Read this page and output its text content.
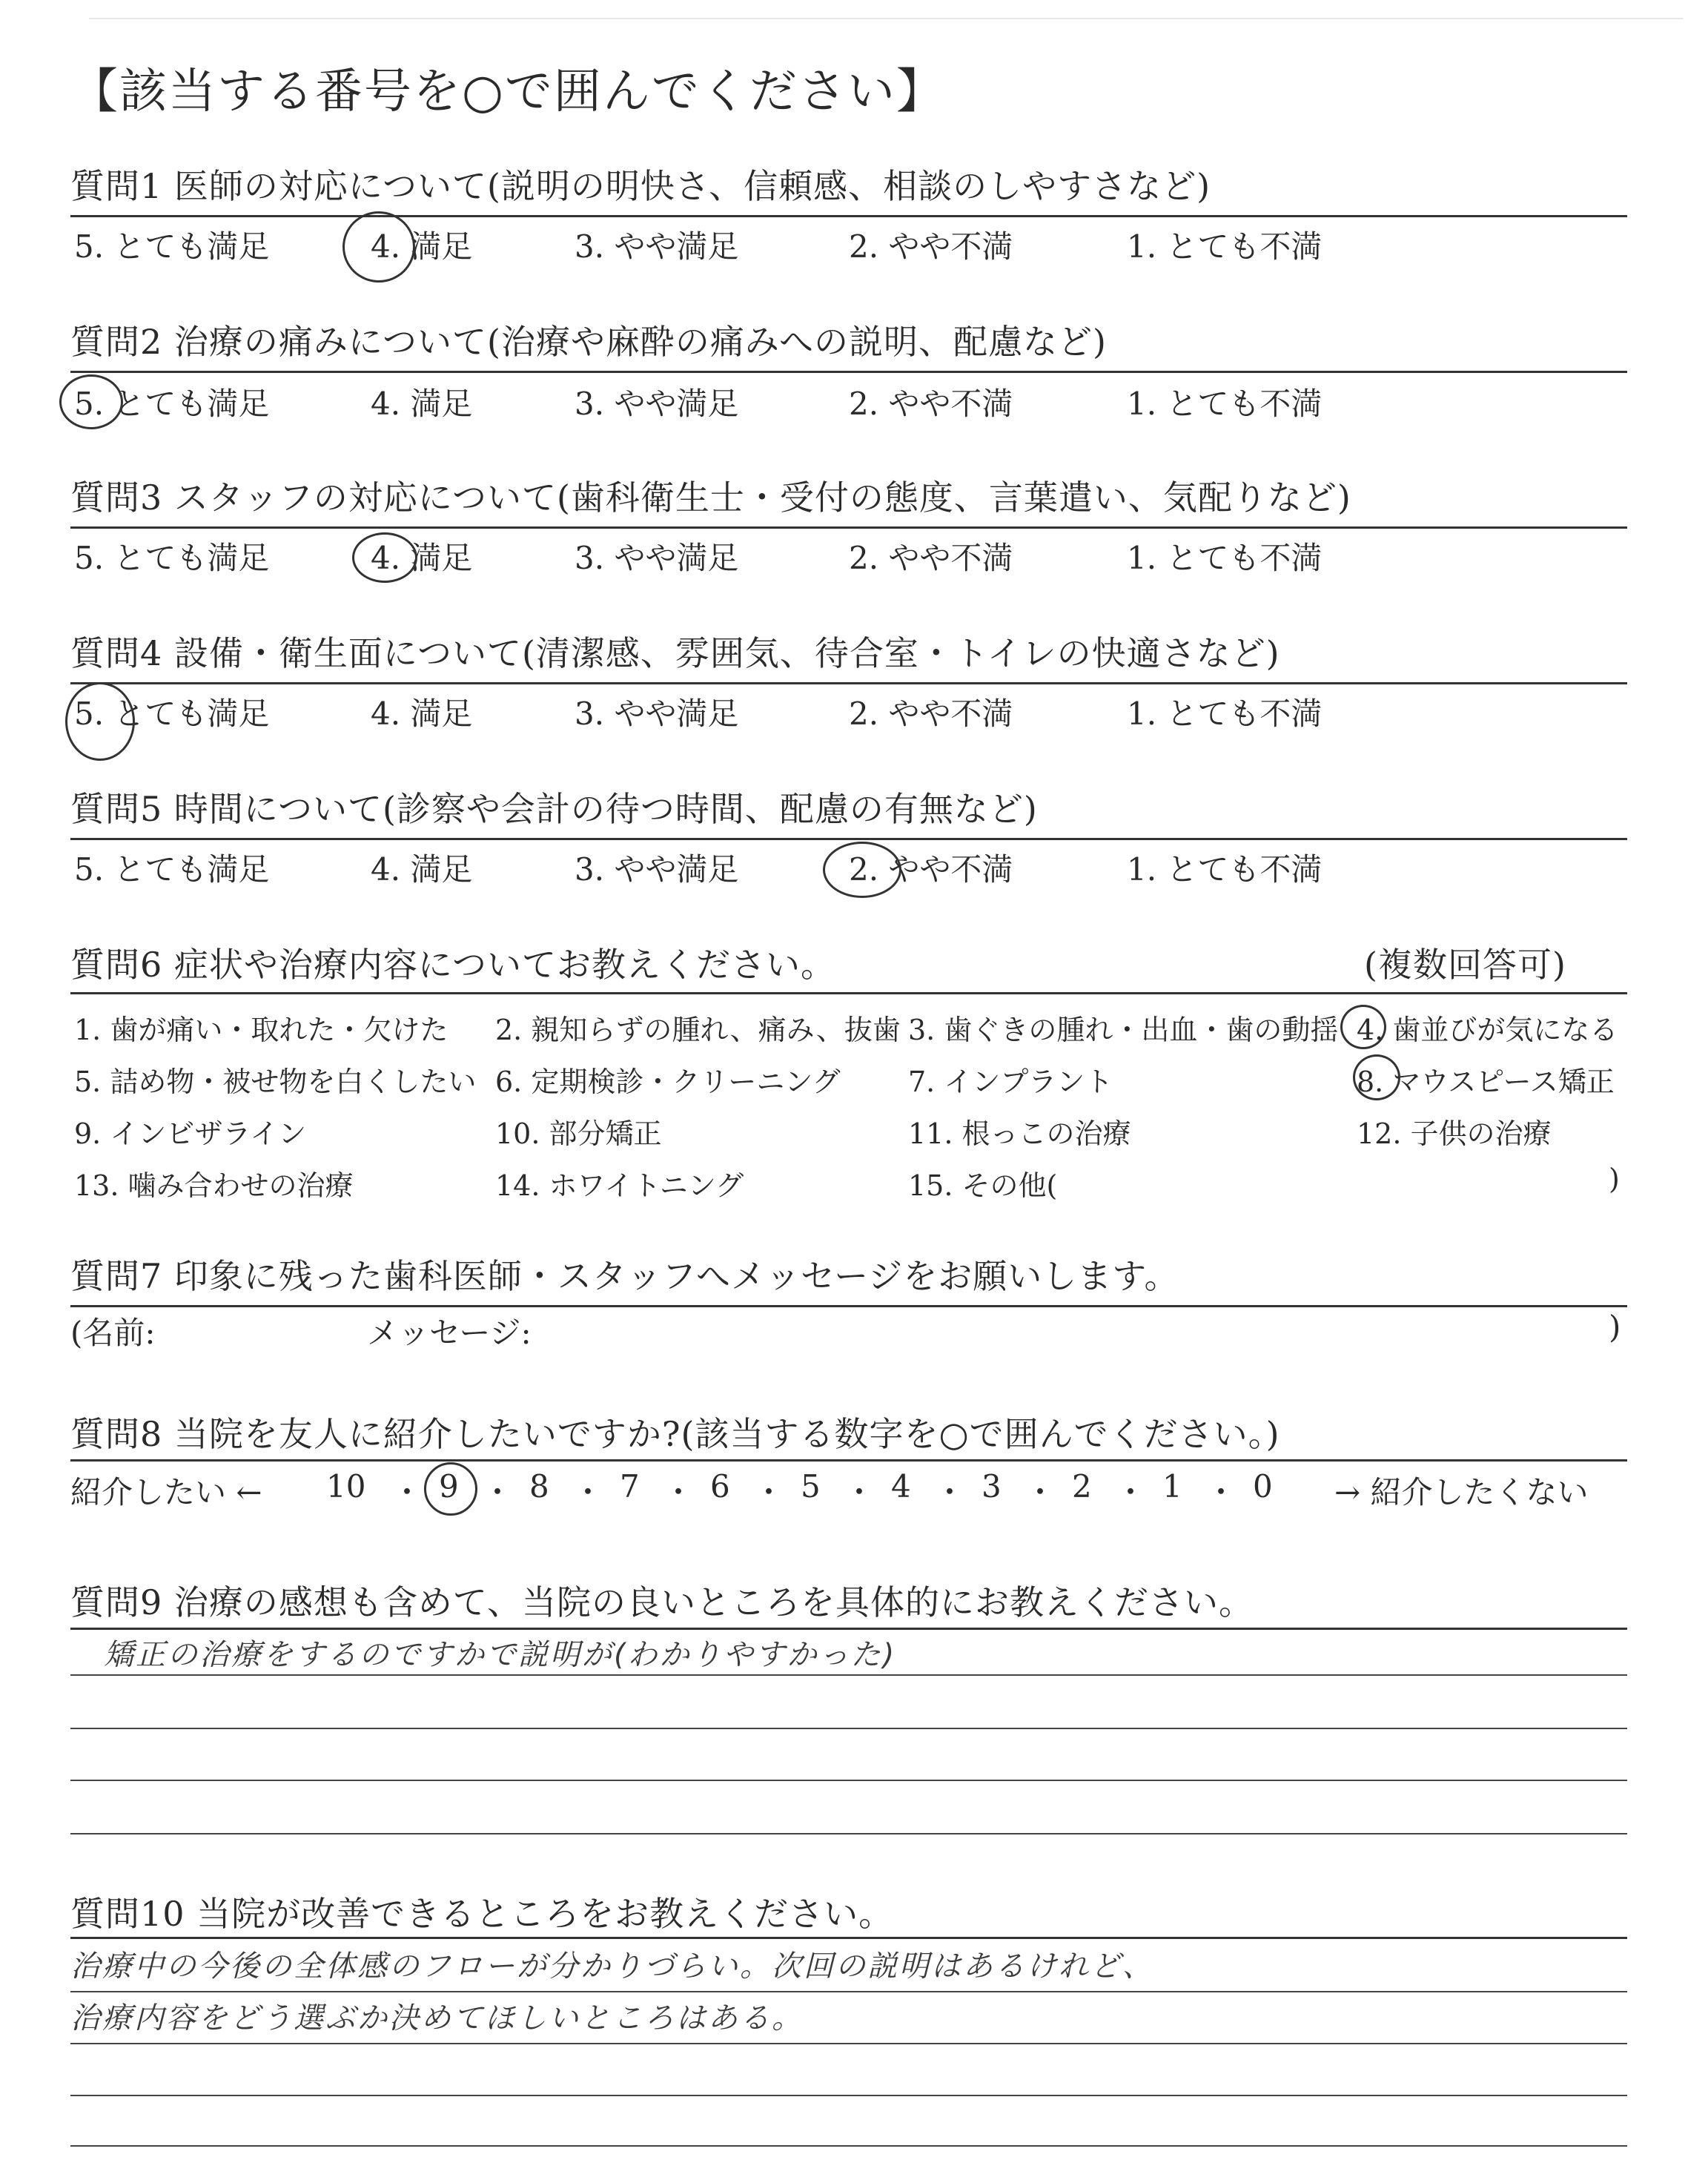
【該当する番号を○で囲んでください】
質問1 医師の対応について(説明の明快さ、信頼感、相談のしやすさなど)
5. とても満足	4. 満足	3. やや満足	2. やや不満	1. とても不満
質問2 治療の痛みについて(治療や麻酔の痛みへの説明、配慮など)
5. とても満足	4. 満足	3. やや満足	2. やや不満	1. とても不満
質問3 スタッフの対応について(歯科衛生士・受付の態度、言葉遣い、気配りなど)
5. とても満足	4. 満足	3. やや満足	2. やや不満	1. とても不満
質問4 設備・衛生面について(清潔感、雰囲気、待合室・トイレの快適さなど)
5. とても満足	4. 満足	3. やや満足	2. やや不満	1. とても不満
質問5 時間について(診察や会計の待つ時間、配慮の有無など)
5. とても満足	4. 満足	3. やや満足	2. やや不満	1. とても不満
質問6 症状や治療内容についてお教えください。	(複数回答可)
1. 歯が痛い・取れた・欠けた 2. 親知らずの腫れ、痛み、抜歯 3. 歯ぐきの腫れ・出血・歯の動揺 4. 歯並びが気になる
5. 詰め物・被せ物を白くしたい 6. 定期検診・クリーニング 7. インプラント	8. マウスピース矯正
9. インビザライン	10. 部分矯正	11. 根っこの治療	12. 子供の治療
13. 噛み合わせの治療	14. ホワイトニング	15. その他(	)
質問7 印象に残った歯科医師・スタッフへメッセージをお願いします。
(名前:	メッセージ:	)
質問8 当院を友人に紹介したいですか?(該当する数字を○で囲んでください。)
紹介したい ← 10 ・ 9 ・ 8 ・ 7 ・ 6 ・ 5 ・ 4 ・ 3 ・ 2 ・ 1 ・ 0 → 紹介したくない
質問9 治療の感想も含めて、当院の良いところを具体的にお教えください。
矯正の治療をするのですかで説明が(わかりやすかった)
質問10 当院が改善できるところをお教えください。
治療中の今後の全体感のフローが分かりづらい。次回の説明はあるけれど、
治療内容をどう選ぶか決めてほしいところはある。
